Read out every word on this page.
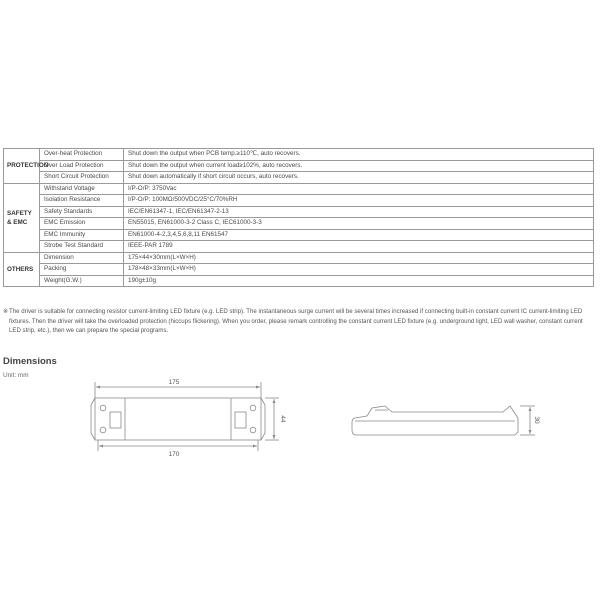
PROTECTION	Over-heat Protection	Shut down the output when PCB temp.≥110℃, auto recovers.
	Over Load Protection	Shut down the output when current load≥102%, auto recovers.
	Short Circuit Protection	Shut down automatically if short circuit occurs, auto recovers.
SAFETY & EMC	Withstand Voltage	I/P-O/P: 3750Vac
	Isolation Resistance	I/P-O/P: 100MΩ/500VDC/25°C/70%RH
	Safety Standards	IEC/EN61347-1, IEC/EN61347-2-13
	EMC Emission	EN55015, EN61000-3-2 Class C, IEC61000-3-3
	EMC Immunity	EN61000-4-2,3,4,5,6,8,11 EN61547
	Strobe Test Standard	IEEE-PAR 1789
OTHERS	Dimension	175×44×30mm(L×W×H)
	Packing	178×48×33mm(L×W×H)
	Weight(G.W.)	190g±10g
※ The driver is suitable for connecting resistor current-limiting LED fixture (e.g. LED strip). The instantaneous surge current will be several times increased if connecting built-in constant current IC current-limiting LED fixtures. Then the driver will take the overloaded protection (hiccups flickering). When you order, please remark controlling the constant current LED fixture (e.g. underground light, LED wall washer, constant current LED strip, etc.), then we can prepare the special programs.
Dimensions
Unit: mm
175
170
44	30
